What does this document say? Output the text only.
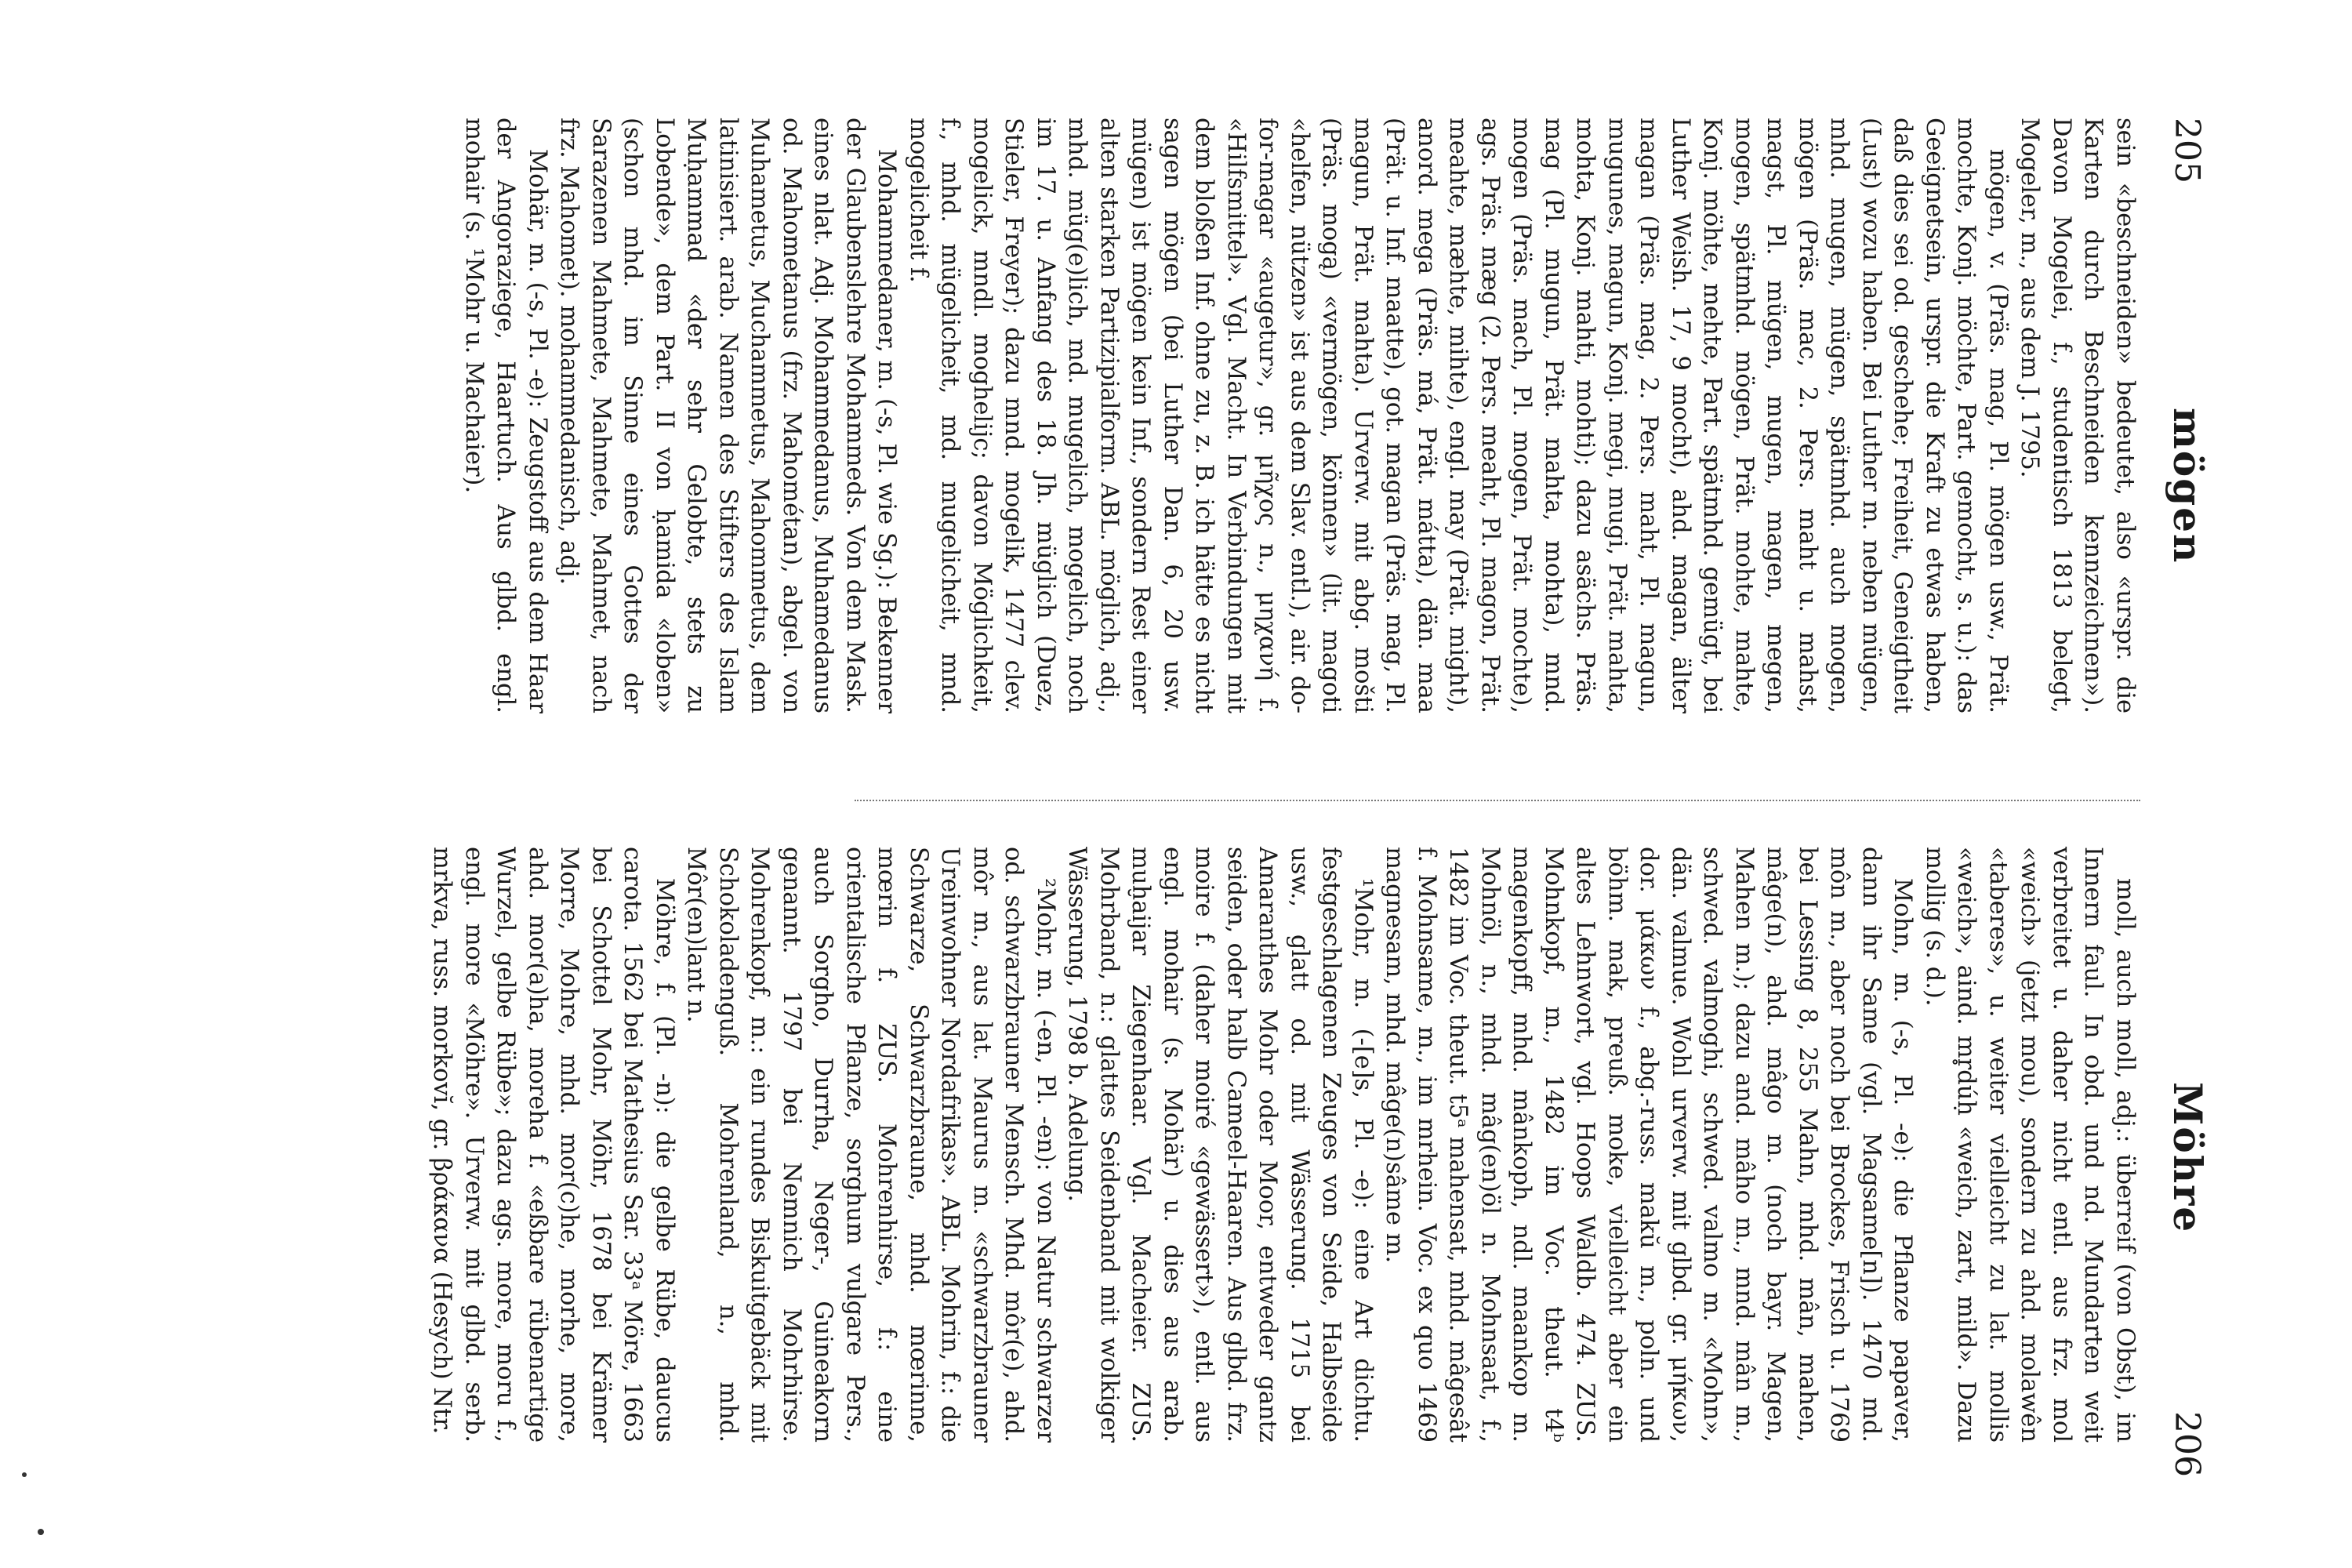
205
mögen
Möhre
206

sein «beschneiden» bedeutet, also «urspr. die Karten durch Beschneiden kennzeichnen»). Davon Mogelei, f., studentisch 1813 belegt, Mogeler, m., aus dem J. 1795.

mögen, v. (Präs. mag, Pl. mögen usw., Prät. mochte, Konj. möchte, Part. gemocht, s. u.): das Geeignetsein, urspr. die Kraft zu etwas haben, daß dies sei od. geschehe; Freiheit, Geneigtheit (Lust) wozu haben. Bei Luther m. neben mügen, mhd. mugen, mügen, spätmhd. auch mogen, mögen (Präs. mac, 2. Pers. maht u. mahst, magst, Pl. mügen, mugen, magen, megen, mogen, spätmhd. mögen, Prät. mohte, mahte, Konj. möhte, mehte, Part. spätmhd. gemügt, bei Luther Weish. 17, 9 mocht), ahd. magan, älter magan (Präs. mag, 2. Pers. maht, Pl. magun, mugunes, magun, Konj. megi, mugi, Prät. mahta, mohta, Konj. mahti, mohti); dazu asächs. Präs. mag (Pl. mugun, Prät. mahta, mohta), mnd. mogen (Präs. mach, Pl. mogen, Prät. mochte), ags. Präs. mæg (2. Pers. meaht, Pl. magon, Prät. meahte, mæhte, mihte), engl. may (Prät. might), anord. mega (Präs. má, Prät. mátta), dän. maa (Prät. u. Inf. maatte), got. magan (Präs. mag, Pl. magun, Prät. mahta). Urverw. mit abg. mošti (Präs. mogą) «vermögen, können» (lit. magoti «helfen, nützen» ist aus dem Slav. entl.), air. do-for-magar «augetur», gr. μῆχος n., μηχανή f. «Hilfsmittel». Vgl. Macht. In Verbindungen mit dem bloßen Inf. ohne zu, z. B. ich hätte es nicht sagen mögen (bei Luther Dan. 6, 20 usw. mügen) ist mögen kein Inf., sondern Rest einer alten starken Partizipialform. ABL. möglich, adj., mhd. müg(e)lich, md. mugelich, mogelich, noch im 17. u. Anfang des 18. Jh. müglich (Duez, Stieler, Freyer); dazu mnd. mogelik, 1477 clev. mogelick, mndl. moghelijc; davon Möglichkeit, f., mhd. mügelicheit, md. mugelicheit, mnd. mogelicheit f.

Mohammedaner, m. (-s, Pl. wie Sg.): Bekenner der Glaubenslehre Mohammeds. Von dem Mask. eines nlat. Adj. Mohammedanus, Muhamedanus od. Mahometanus (frz. Mahométan), abgel. von Muhametus, Muchammetus, Mahommetus, dem latinisiert. arab. Namen des Stifters des Islam Muḥammad «der sehr Gelobte, stets zu Lobende», dem Part. II von ḥamida «loben» (schon mhd. im Sinne eines Gottes der Sarazenen Mahmete, Mahmete, Mahmet, nach frz. Mahomet). mohammedanisch, adj.

Mohär, m. (-s, Pl. -e): Zeugstoff aus dem Haar der Angoraziege, Haartuch. Aus glbd. engl. mohair (s. ¹Mohr u. Machaier).

moll, auch moll, adj.: überreif (von Obst), im Innern faul. In obd. und nd. Mundarten weit verbreitet u. daher nicht entl. aus frz. mol «weich» (jetzt mou), sondern zu ahd. molawên «taberes», u. weiter vielleicht zu lat. mollis «weich», aind. mr̥dúḥ «weich, zart, mild». Dazu mollig (s. d.).

Mohn, m. (-s, Pl. -e): die Pflanze papaver, dann ihr Same (vgl. Magsame[n]). 1470 md. môn m., aber noch bei Brockes, Frisch u. 1769 bei Lessing 8, 255 Mahn, mhd. mân, mahen, mâge(n), ahd. mâgo m. (noch bayr. Magen, Mahen m.); dazu and. mâho m., mnd. mân m., schwed. valmoghi, schwed. valmo m. «Mohn», dän. valmue. Wohl urverw. mit glbd. gr. μήκων, dor. μάκων f., abg.-russ. makŭ m., poln. und böhm. mak, preuß. moke, vielleicht aber ein altes Lehnwort, vgl. Hoops Waldb. 474. ZUS. Mohnkopf, m., 1482 im Voc. theut. t4ᵇ magenkopff, mhd. mânkoph, ndl. maankop m. Mohnöl, n., mhd. mâg(en)öl n. Mohnsaat, f., 1482 im Voc. theut. t5ᵃ mahensat, mhd. mâgesât f. Mohnsame, m., im mrhein. Voc. ex quo 1469 magnesam, mhd. mâge(n)sâme m.

¹Mohr, m. (-[e]s, Pl. -e): eine Art dichtu. festgeschlagenen Zeuges von Seide, Halbseide usw., glatt od. mit Wässerung. 1715 bei Amaranthes Mohr oder Moor, entweder gantz seiden, oder halb Cameel-Haaren. Aus glbd. frz. moire f. (daher moiré «gewässert»), entl. aus engl. mohair (s. Mohär) u. dies aus arab. muḫaijar Ziegenhaar. Vgl. Macheier. ZUS. Mohrband, n.: glattes Seidenband mit wolkiger Wässerung, 1798 b. Adelung.

²Mohr, m. (-en, Pl. -en): von Natur schwarzer od. schwarzbrauner Mensch. Mhd. môr(e), ahd. môr m., aus lat. Maurus m. «schwarzbrauner Ureinwohner Nordafrikas». ABL. Mohrin, f.: die Schwarze, Schwarzbraune, mhd. mœrinne, mœrin f. ZUS. Mohrenhirse, f.: eine orientalische Pflanze, sorghum vulgare Pers., auch Sorgho, Durrha, Neger-, Guineakorn genannt. 1797 bei Nemnich Mohrhirse. Mohrenkopf, m.: ein rundes Biskuitgebäck mit Schokoladenguß. Mohrenland, n., mhd. Môr(en)lant n.

Möhre, f. (Pl. -n): die gelbe Rübe, daucus carota. 1562 bei Mathesius Sar. 33ᵃ Möre, 1663 bei Schottel Mohr, Möhr, 1678 bei Krämer Morre, Mohre, mhd. mor(c)he, morhe, more, ahd. mor(a)ha, moreha f. «eßbare rübenartige Wurzel, gelbe Rübe»; dazu ags. more, moru f., engl. more «Möhre». Urverw. mit glbd. serb. mrkva, russ. morkovĭ, gr. βράκανα (Hesych) Ntr.
